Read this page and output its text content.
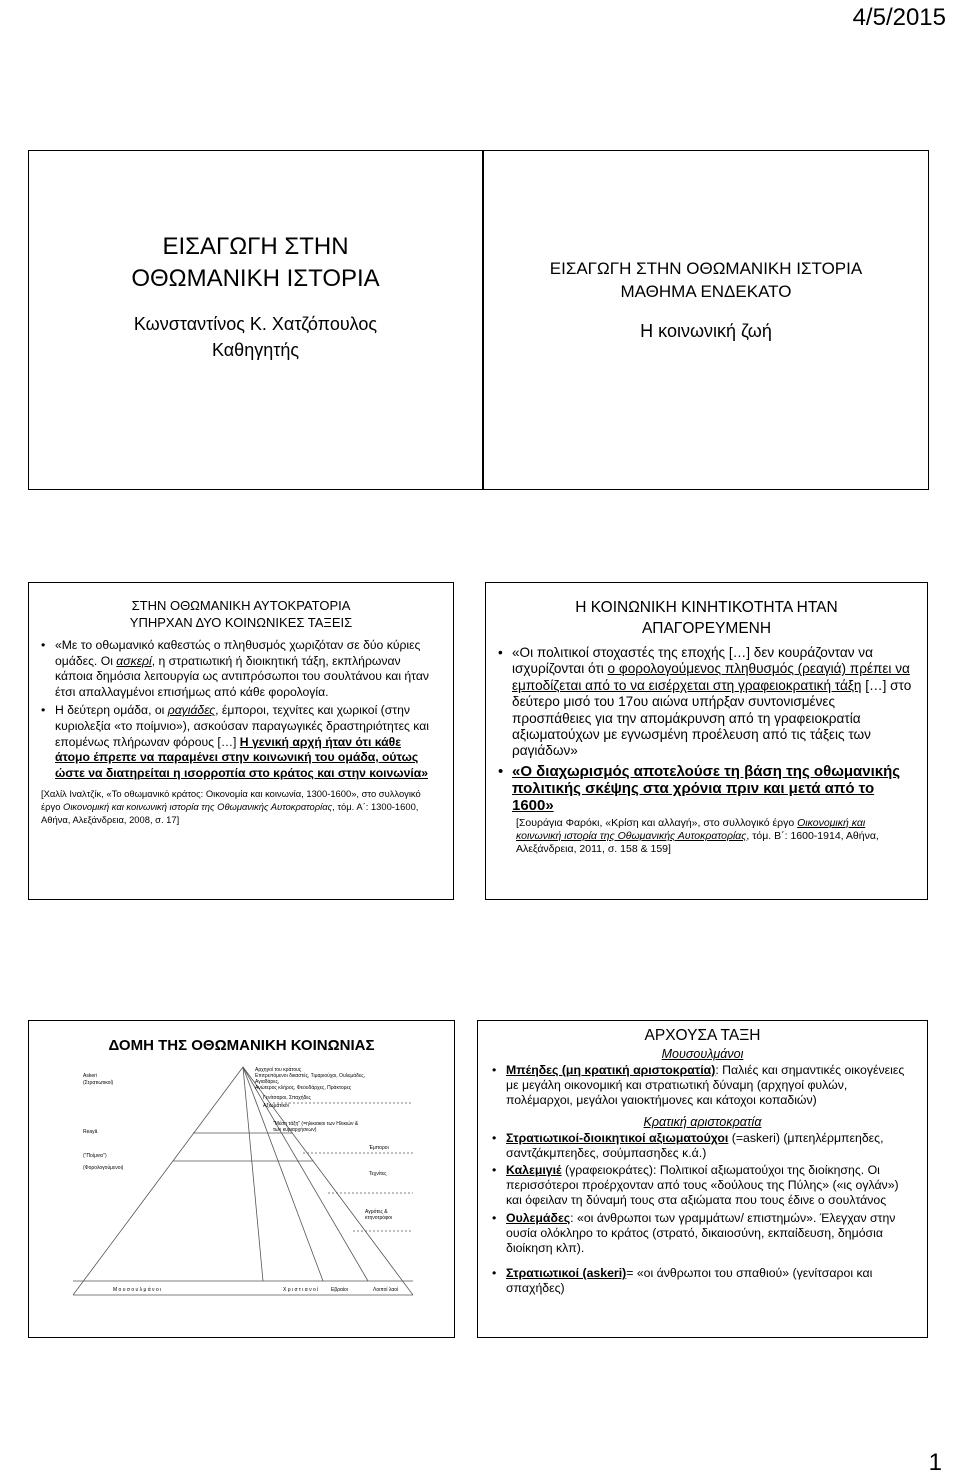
4/5/2015
ΕΙΣΑΓΩΓΗ ΣΤΗΝ
ΟΘΩΜΑΝΙΚΗ ΙΣΤΟΡΙΑ
Κωνσταντίνος Κ. Χατζόπουλος
Καθηγητής
ΕΙΣΑΓΩΓΗ ΣΤΗΝ ΟΘΩΜΑΝΙΚΗ ΙΣΤΟΡΙΑ
ΜΑΘΗΜΑ ΕΝΔΕΚΑΤΟ
Η κοινωνική ζωή
ΣΤΗΝ ΟΘΩΜΑΝΙΚΗ ΑΥΤΟΚΡΑΤΟΡΙΑ
ΥΠΗΡΧΑΝ ΔΥΟ ΚΟΙΝΩΝΙΚΕΣ ΤΑΞΕΙΣ
• «Με το οθωμανικό καθεστώς ο πληθυσμός χωριζόταν σε δύο κύριες ομάδες. Οι ασκερί, η στρατιωτική ή διοικητική τάξη, εκπλήρωναν κάποια δημόσια λειτουργία ως αντιπρόσωποι του σουλτάνου και ήταν έτσι απαλλαγμένοι επισήμως από κάθε φορολογία.
• Η δεύτερη ομάδα, οι ραγιάδες, έμποροι, τεχνίτες και χωρικοί (στην κυριολεξία «το ποίμνιο»), ασκούσαν παραγωγικές δραστηριότητες και επομένως πλήρωναν φόρους […] Η γενική αρχή ήταν ότι κάθε άτομο έπρεπε να παραμένει στην κοινωνική του ομάδα, ούτως ώστε να διατηρείται η ισορροπία στο κράτος και στην κοινωνία»
[Χαλίλ Ιναλτζίκ, «Το οθωμανικό κράτος: Οικονομία και κοινωνία, 1300-1600», στο συλλογικό έργο Οικονομική και κοινωνική ιστορία της Οθωμανικής Αυτοκρατορίας, τόμ. Α΄: 1300-1600, Αθήνα, Αλεξάνδρεια, 2008, σ. 17]
Η ΚΟΙΝΩΝΙΚΗ ΚΙΝΗΤΙΚΟΤΗΤΑ ΗΤΑΝ
ΑΠΑΓΟΡΕΥΜΕΝΗ
• «Οι πολιτικοί στοχαστές της εποχής […] δεν κουράζονταν να ισχυρίζονται ότι ο φορολογούμενος πληθυσμός (ρεαγιά) πρέπει να εμποδίζεται από το να εισέρχεται στη γραφειοκρατική τάξη […] στο δεύτερο μισό του 17ου αιώνα υπήρξαν συντονισμένες προσπάθειες για την απομάκρυνση από τη γραφειοκρατία αξιωματούχων με εγνωσμένη προέλευση από τις τάξεις των ραγιάδων»
• «Ο διαχωρισμός αποτελούσε τη βάση της οθωμανικής πολιτικής σκέψης στα χρόνια πριν και μετά από το 1600»
[Σουράγια Φαρόκι, «Κρίση και αλλαγή», στο συλλογικό έργο Οικονομική και κοινωνική ιστορία της Οθωμανικής Αυτοκρατορίας, τόμ. Β΄: 1600-1914, Αθήνα, Αλεξάνδρεια, 2011, σ. 158 & 159]
ΔΟΜΗ ΤΗΣ ΟΘΩΜΑΝΙΚΗ ΚΟΙΝΩΝΙΑΣ
Askeri
(Στρατιωτικοί)
Reayâ
("Ποίμνιο")
(Φορολογούμενοι)
Αρχηγοί του κράτους
Επιτρεπόμενοι δικαστές, Τιμαριούχοι, Ουλεμάδες,
Αγιαδάρες,
Ανώτερος κλήρος, Φεουδάρχες, Πράκτορες
Γενίτσαροι, Σπαχήδες
Αξιωματικοί
"Μέση τάξη" (=ηλικιακοι των Ηλικιών &
των κυριαρχήσεων)
Έμποροι
Τεχνίτες
Αγρότες &
κτηνοτρόφοι
Μ ο υ σ ο υ λ μ ά ν ο ι	Χ ρ ι σ τ ι α ν ο ί	Εβραίοι	Λοιποί λαοί
ΑΡΧΟΥΣΑ ΤΑΞΗ
Μουσουλμάνοι
• Μπέηδες (μη κρατική αριστοκρατία): Παλιές και σημαντικές οικογένειες με μεγάλη οικονομική και στρατιωτική δύναμη (αρχηγοί φυλών, πολέμαρχοι, μεγάλοι γαιοκτήμονες και κάτοχοι κοπαδιών)
Κρατική αριστοκρατία
• Στρατιωτικοί-διοικητικοί αξιωματούχοι (=askeri) (μπεηλέρμπεηδες, σαντζάκμπεηδες, σούμπασηδες κ.ά.)
• Καλεμιγιέ (γραφειοκράτες): Πολιτικοί αξιωματούχοι της διοίκησης. Οι περισσότεροι προέρχονταν από τους «δούλους της Πύλης» («ις ογλάν») και όφειλαν τη δύναμή τους στα αξιώματα που τους έδινε ο σουλτάνος
• Ουλεμάδες: «οι άνθρωποι των γραμμάτων/ επιστημών». Έλεγχαν στην ουσία ολόκληρο το κράτος (στρατό, δικαιοσύνη, εκπαίδευση, δημόσια διοίκηση κλπ).
• Στρατιωτικοί (askeri)= «οι άνθρωποι του σπαθιού» (γενίτσαροι και σπαχήδες)
1
